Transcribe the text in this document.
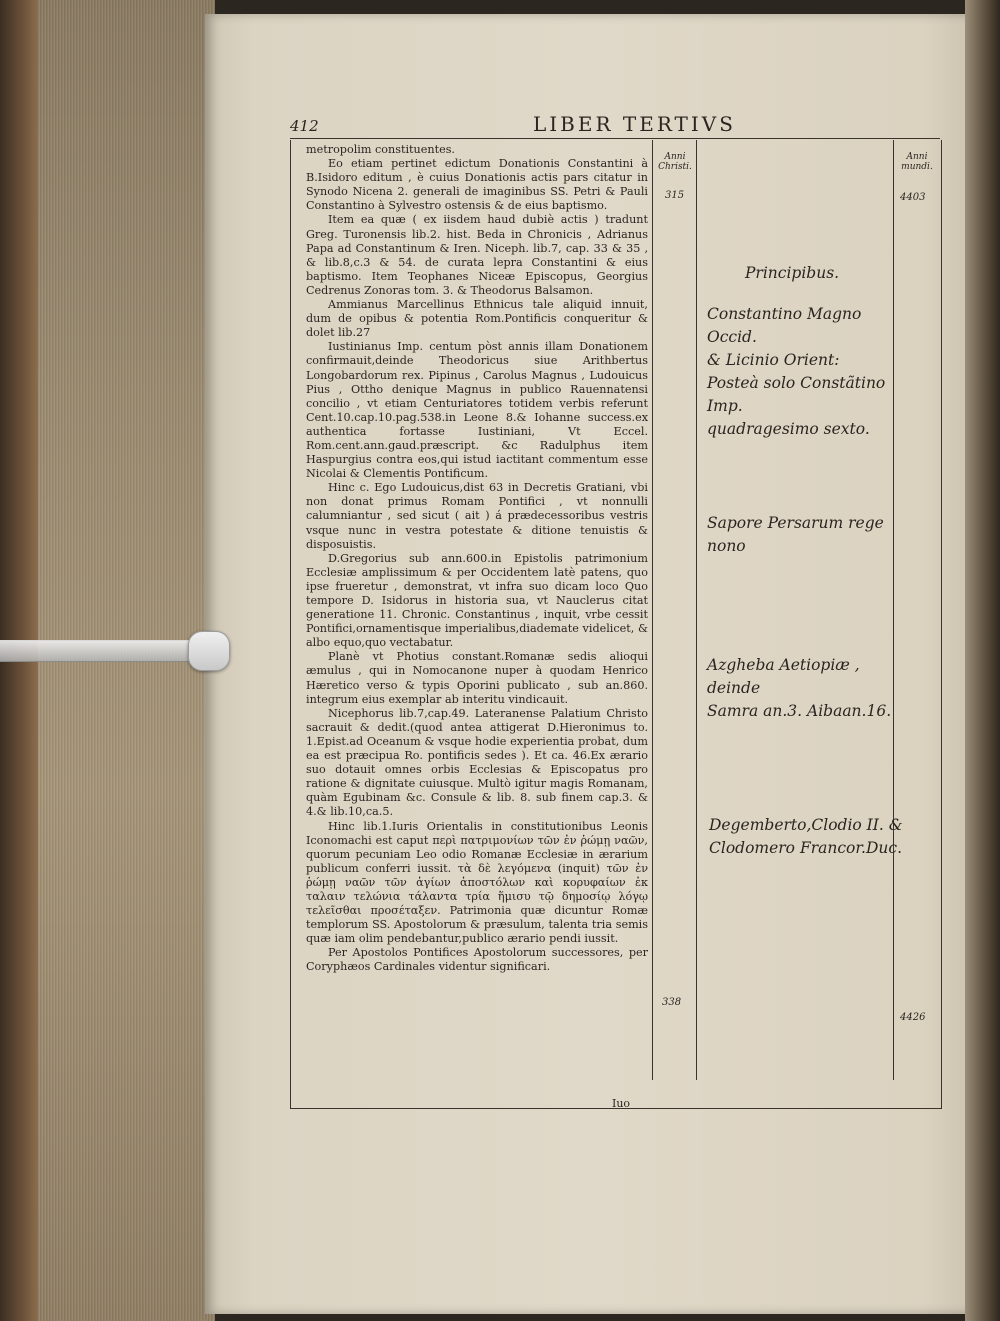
412	LIBER TERTIVS

metropolim constituentes.

Eo etiam pertinet edictum Donationis Constantini à B.Isidoro editum , è cuius Donationis actis pars citatur in Synodo Nicena 2. generali de imaginibus SS. Petri & Pauli Constantino à Sylvestro ostensis & de eius baptismo.

Item ea quæ ( ex iisdem haud dubiè actis ) tradunt Greg. Turonensis lib.2. hist. Beda in Chronicis , Adrianus Papa ad Constantinum & Iren. Niceph. lib.7, cap. 33 & 35 , & lib.8,c.3 & 54. de curata lepra Constantini & eius baptismo. Item Teophanes Niceæ Episcopus, Georgius Cedrenus Zonoras tom. 3. & Theodorus Balsamon.

Ammianus Marcellinus Ethnicus tale aliquid innuit, dum de opibus & potentia Rom.Pontificis conqueritur & dolet lib.27

Iustinianus Imp. centum pòst annis illam Donationem confirmauit,deinde Theodoricus siue Arithbertus Longobardorum rex. Pipinus , Carolus Magnus , Ludouicus Pius , Ottho denique Magnus in publico Rauennatensi concilio , vt etiam Centuriatores totidem verbis referunt Cent.10.cap.10.pag.538.in Leone 8.& Iohanne success.ex authentica fortasse Iustiniani, Vt Eccel. Rom.cent.ann.gaud.præscript. &c Radulphus item Haspurgius contra eos,qui istud iactitant commentum esse Nicolai & Clementis Pontificum.

Hinc c. Ego Ludouicus,dist 63 in Decretis Gratiani, vbi non donat primus Romam Pontifici , vt nonnulli calumniantur , sed sicut ( ait ) á prædecessoribus vestris vsque nunc in vestra potestate & ditione tenuistis & disposuistis.

D.Gregorius sub ann.600.in Epistolis patrimonium Ecclesiæ amplissimum & per Occidentem latè patens, quo ipse frueretur , demonstrat, vt infra suo dicam loco Quo tempore D. Isidorus in historia sua, vt Nauclerus citat generatione 11. Chronic. Constantinus , inquit, vrbe cessit Pontifici,ornamentisque imperialibus,diademate videlicet, & albo equo,quo vectabatur.

Planè vt Photius constant.Romanæ sedis alioqui æmulus , qui in Nomocanone nuper à quodam Henrico Hæretico verso & typis Oporini publicato , sub an.860. integrum eius exemplar ab interitu vindicauit.

Nicephorus lib.7,cap.49. Lateranense Palatium Christo sacrauit & dedit.(quod antea attigerat D.Hieronimus to. 1.Epist.ad Oceanum & vsque hodie experientia probat, dum ea est præcipua Ro. pontificis sedes ). Et ca. 46.Ex ærario suo dotauit omnes orbis Ecclesias & Episcopatus pro ratione & dignitate cuiusque. Multò igitur magis Romanam, quàm Egubinam &c. Consule & lib. 8. sub finem cap.3. & 4.& lib.10,ca.5.

Hinc lib.1.Iuris Orientalis in constitutionibus Leonis Iconomachi est caput περὶ πατριμονίων τῶν ἐν ῥώμῃ ναῶν, quorum pecuniam Leo odio Romanæ Ecclesiæ in ærarium publicum conferri iussit. τὰ δὲ λεγόμενα (inquit) τῶν ἐν ῥώμῃ ναῶν τῶν ἁγίων ἀποστόλων καὶ κορυφαίων ἐκ ταλαιν τελώνια τάλαντα τρία ἥμισυ τῷ δημοσίῳ λόγῳ τελεῖσθαι προσέταξεν. Patrimonia quæ dicuntur Romæ templorum SS. Apostolorum & præsulum, talenta tria semis quæ iam olim pendebantur,publico ærario pendi iussit.

Per Apostolos Pontifices Apostolorum successores, per Coryphæos Cardinales videntur significari.

Anni Christi.
Anni mundi.
315
338
4403
4426
Principibus.
Constantino Magno Occid.
& Licinio Orient:
Posteà solo Constãtino Imp.
quadragesimo sexto.
Sapore Persarum rege nono
Azgheba Aetiopiæ , deinde
Samra an.3. Aibaan.16.
Degemberto,Clodio II. &
Clodomero Francor.Duc.
Iuo
